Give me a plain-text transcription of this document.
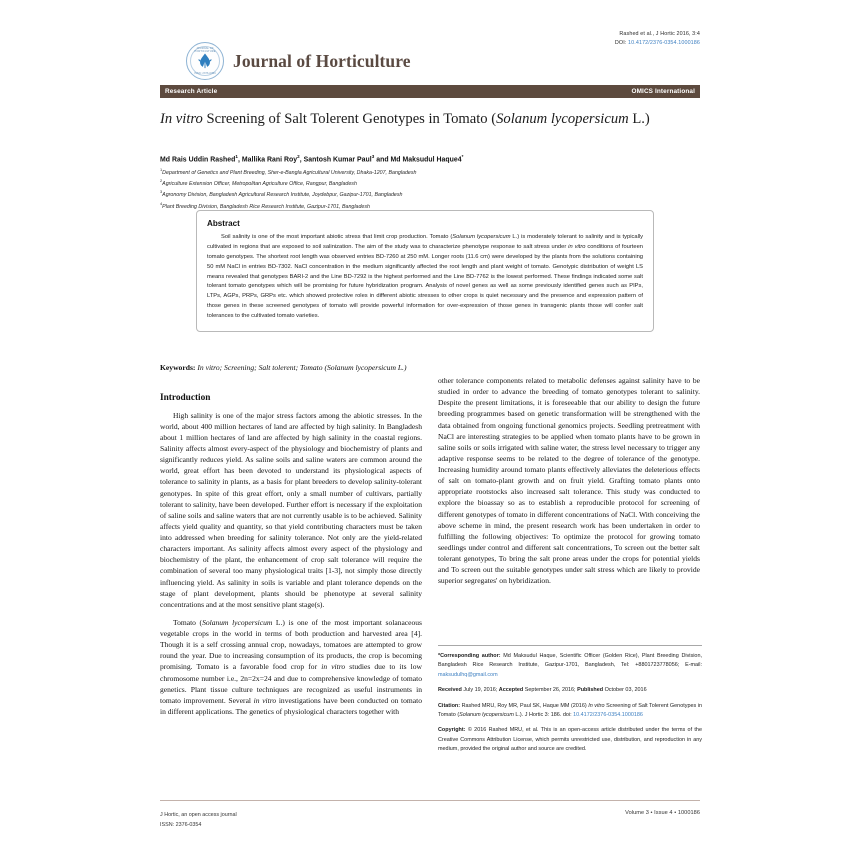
Rashed et al., J Hortic 2016, 3:4
DOI: 10.4172/2376-0354.1000186
JOURNAL OF HORTICULTURE
ISSN: 2376-0354
Journal of Horticulture
Research Article	OMICS International
In vitro Screening of Salt Tolerent Genotypes in Tomato (Solanum lycopersicum L.)
Md Rais Uddin Rashed$^1$, Mallika Rani Roy$^2$, Santosh Kumar Paul$^3$ and Md Maksudul Haque4*
$^1$Department of Genetics and Plant Breeding, Sher-e-Bangla Agricultural University, Dhaka-1207, Bangladesh
$^2$Agriculture Extension Officer, Metropolitan Agriculture Office, Rangpur, Bangladesh
$^3$Agronomy Division, Bangladesh Agricultural Research Institute, Joydebpur, Gazipur-1701, Bangladesh
$^4$Plant Breeding Division, Bangladesh Rice Research Institute, Gazipur-1701, Bangladesh
Abstract

Soil salinity is one of the most important abiotic stress that limit crop production. Tomato (Solanum lycopersicum L.) is moderately tolerant to salinity and is typically cultivated in regions that are exposed to soil salinization. The aim of the study was to characterize phenotype response to salt stress under in vitro conditions of fourteen tomato genotypes. The shortest root length was observed entries BD-7260 at 250 mM. Longer roots (11.6 cm) were developed by the plants from the solutions containing 50 mM NaCl in entries BD-7302. NaCl concentration in the medium significantly affected the root length and plant weight of tomato. Genotypic distribution of weight LS means revealed that genotypes BARI-2 and the Line BD-7292 is the highest performed and the Line BD-7762 is the lowest performed. These findings indicated some salt tolerant tomato genotypes which will be promising for future hybridization program. Analysis of novel genes as well as some previously identified genes such as PIPs, LTPs, AGPs, PRPs, GRPs etc. which showed protective roles in different abiotic stresses to other crops is quiet necessary and the presence and expression pattern of those genes in these screened genotypes of tomato will provide powerful information for over-expression of those genes in transgenic plants those will confer salt tolerances to the cultivated tomato varieties.

Keywords: In vitro; Screening; Salt tolerent; Tomato (Solanum lycopersicum L.)
Introduction

High salinity is one of the major stress factors among the abiotic stresses. In the world, about 400 million hectares of land are affected by high salinity. In Bangladesh about 1 million hectares of land are affected by high salinity in the coastal regions. Salinity affects almost every-aspect of the physiology and biochemistry of plants and significantly reduces yield. As saline soils and saline waters are common around the world, great effort has been devoted to understand its physiological aspects of tolerance to salinity in plants, as a basis for plant breeders to develop salinity-tolerant genotypes. In spite of this great effort, only a small number of cultivars, partially tolerant to salinity, have been developed. Further effort is necessary if the exploitation of saline soils and saline waters that are not currently usable is to be achieved. Salinity affects yield quality and quantity, so that yield contributing characters must be taken into addressed when breeding for salinity tolerance. Not only are the yield-related characters important. As salinity affects almost every aspect of the physiology and biochemistry of the plant, the enhancement of crop salt tolerance will require the combination of several too many physiological traits [1-3], not simply those directly influencing yield. As salinity in soils is variable and plant tolerance depends on the stage of plant development, plants should be phenotype at several salinity concentrations and at the most sensitive plant stage(s).

Tomato (Solanum lycopersicum L.) is one of the most important solanaceous vegetable crops in the world in terms of both production and harvested area [4]. Though it is a self crossing annual crop, nowadays, tomatoes are attempted to grow round the year. Due to increasing consumption of its products, the crop is becoming promising. Tomato is a favorable food crop for in vitro studies due to its low chromosome number i.e., 2n=2x=24 and due to comprehensive knowledge of tomato genetics. Plant tissue culture techniques are recognized as useful instruments in tomato improvement. Several in vitro investigations have been conducted on tomato in different applications. The genetics of physiological characters together with

other tolerance components related to metabolic defenses against salinity have to be studied in order to advance the breeding of tomato genotypes tolerant to salinity. Despite the present limitations, it is foreseeable that our ability to design the future breeding programmes based on genetic transformation will be strengthened with the data obtained from ongoing functional genomics projects. Seedling pretreatment with NaCl are interesting strategies to be applied when tomato plants have to be grown in saline soils or soils irrigated with saline water, the stress level necessary to trigger any adaptive response seems to be related to the degree of tolerance of the genotype. Increasing humidity around tomato plants effectively alleviates the deleterious effects of salt on tomato-plant growth and on fruit yield. Grafting tomato plants onto appropriate rootstocks also increased salt tolerance. This study was conducted to explore the bioassay so as to establish a reproducible protocol for screening of different genotypes of tomato in different concentrations of NaCl. With conceiving the above scheme in mind, the present research work has been undertaken in order to fulfilling the following objectives: To optimize the protocol for growing tomato seedlings under control and different salt concentrations, To screen out the better salt tolerant genotypes, To bring the salt prone areas under the crops for potential yields and To screen out the suitable genotypes under salt stress which are likely to provide superior segregates' on hybridization.

*Corresponding author: Md Maksudul Haque, Scientific Officer (Golden Rice), Plant Breeding Division, Bangladesh Rice Research Institute, Gazipur-1701, Bangladesh, Tel: +8801723778056; E-mail: maksudulhq@gmail.com

Received July 19, 2016; Accepted September 26, 2016; Published October 03, 2016

Citation: Rashed MRU, Roy MR, Paul SK, Haque MM (2016) In vitro Screening of Salt Tolerent Genotypes in Tomato (Solanum lycopersicum L.). J Hortic 3: 186. doi: 10.4172/2376-0354.1000186

Copyright: © 2016 Rashed MRU, et al. This is an open-access article distributed under the terms of the Creative Commons Attribution License, which permits unrestricted use, distribution, and reproduction in any medium, provided the original author and source are credited.

J Hortic, an open access journal
ISSN: 2376-0354
Volume 3 • Issue 4 • 1000186
